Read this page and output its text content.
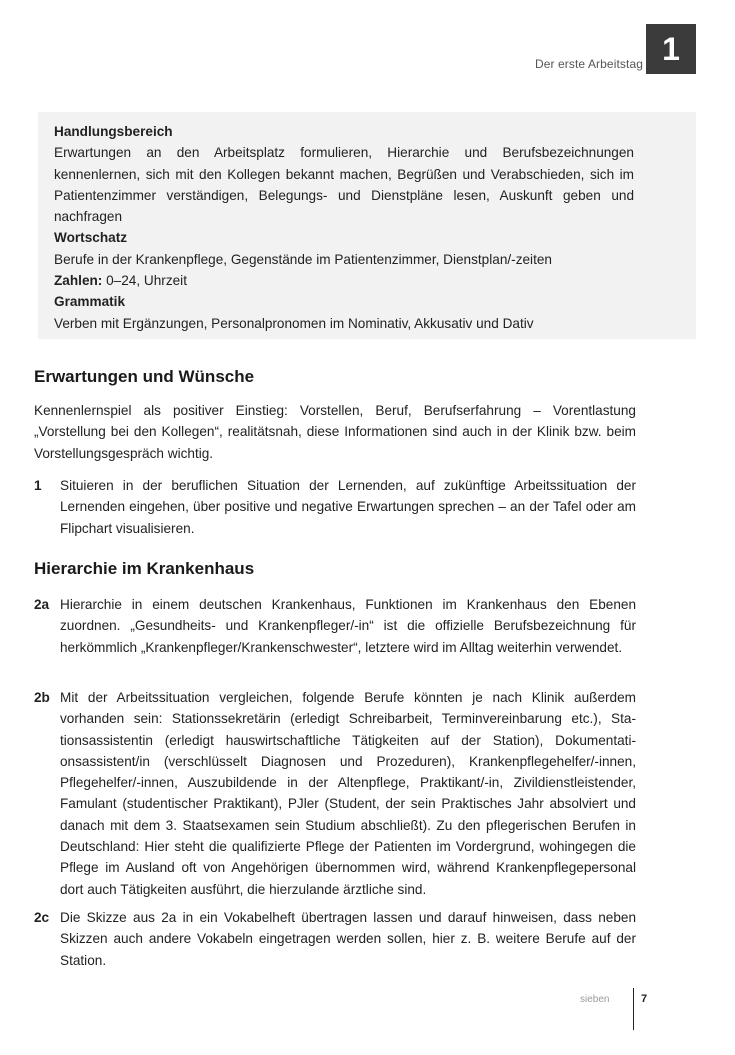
Der erste Arbeitstag 1
Handlungsbereich
Erwartungen an den Arbeitsplatz formulieren, Hierarchie und Berufsbezeichnungen kennenlernen, sich mit den Kollegen bekannt machen, Begrüßen und Verabschieden, sich im Patientenzimmer verständigen, Belegungs- und Dienstpläne lesen, Auskunft geben und nachfragen
Wortschatz
Berufe in der Krankenpflege, Gegenstände im Patientenzimmer, Dienstplan/-zeiten
Zahlen: 0–24, Uhrzeit
Grammatik
Verben mit Ergänzungen, Personalpronomen im Nominativ, Akkusativ und Dativ
Erwartungen und Wünsche

Kennenlernspiel als positiver Einstieg: Vorstellen, Beruf, Berufserfahrung – Vorentlastung „Vorstellung bei den Kollegen“, realitätsnah, diese Informationen sind auch in der Klinik bzw. beim Vorstellungsgespräch wichtig.

1	Situieren in der beruflichen Situation der Lernenden, auf zukünftige Arbeitssituation der Lernenden eingehen, über positive und negative Erwartungen sprechen – an der Tafel oder am Flipchart visualisieren.
Hierarchie im Krankenhaus
2a Hierarchie in einem deutschen Krankenhaus, Funktionen im Krankenhaus den Ebenen zuordnen. „Gesundheits- und Krankenpfleger/-in“ ist die offizielle Berufsbezeichnung für herkömmlich „Krankenpfleger/Krankenschwester“, letztere wird im Alltag weiterhin verwendet.
2b Mit der Arbeitssituation vergleichen, folgende Berufe könnten je nach Klinik außerdem vorhanden sein: Stationssekretärin (erledigt Schreibarbeit, Terminvereinbarung etc.), Stationsassistentin (erledigt hauswirtschaftliche Tätigkeiten auf der Station), Dokumentationsassistent/in (verschlüsselt Diagnosen und Prozeduren), Krankenpflegehelfer/-innen, Pflegehelfer/-innen, Auszubildende in der Altenpflege, Praktikant/-in, Zivildienstleistender, Famulant (studentischer Praktikant), PJler (Student, der sein Praktisches Jahr absolviert und danach mit dem 3. Staatsexamen sein Studium abschließt). Zu den pflegerischen Berufen in Deutschland: Hier steht die qualifizierte Pflege der Patienten im Vordergrund, wohingegen die Pflege im Ausland oft von Angehörigen übernommen wird, während Krankenpflegepersonal dort auch Tätigkeiten ausführt, die hierzulande ärztliche sind.
2c Die Skizze aus 2a in ein Vokabelheft übertragen lassen und darauf hinweisen, dass neben Skizzen auch andere Vokabeln eingetragen werden sollen, hier z. B. weitere Berufe auf der Station.
sieben	7
